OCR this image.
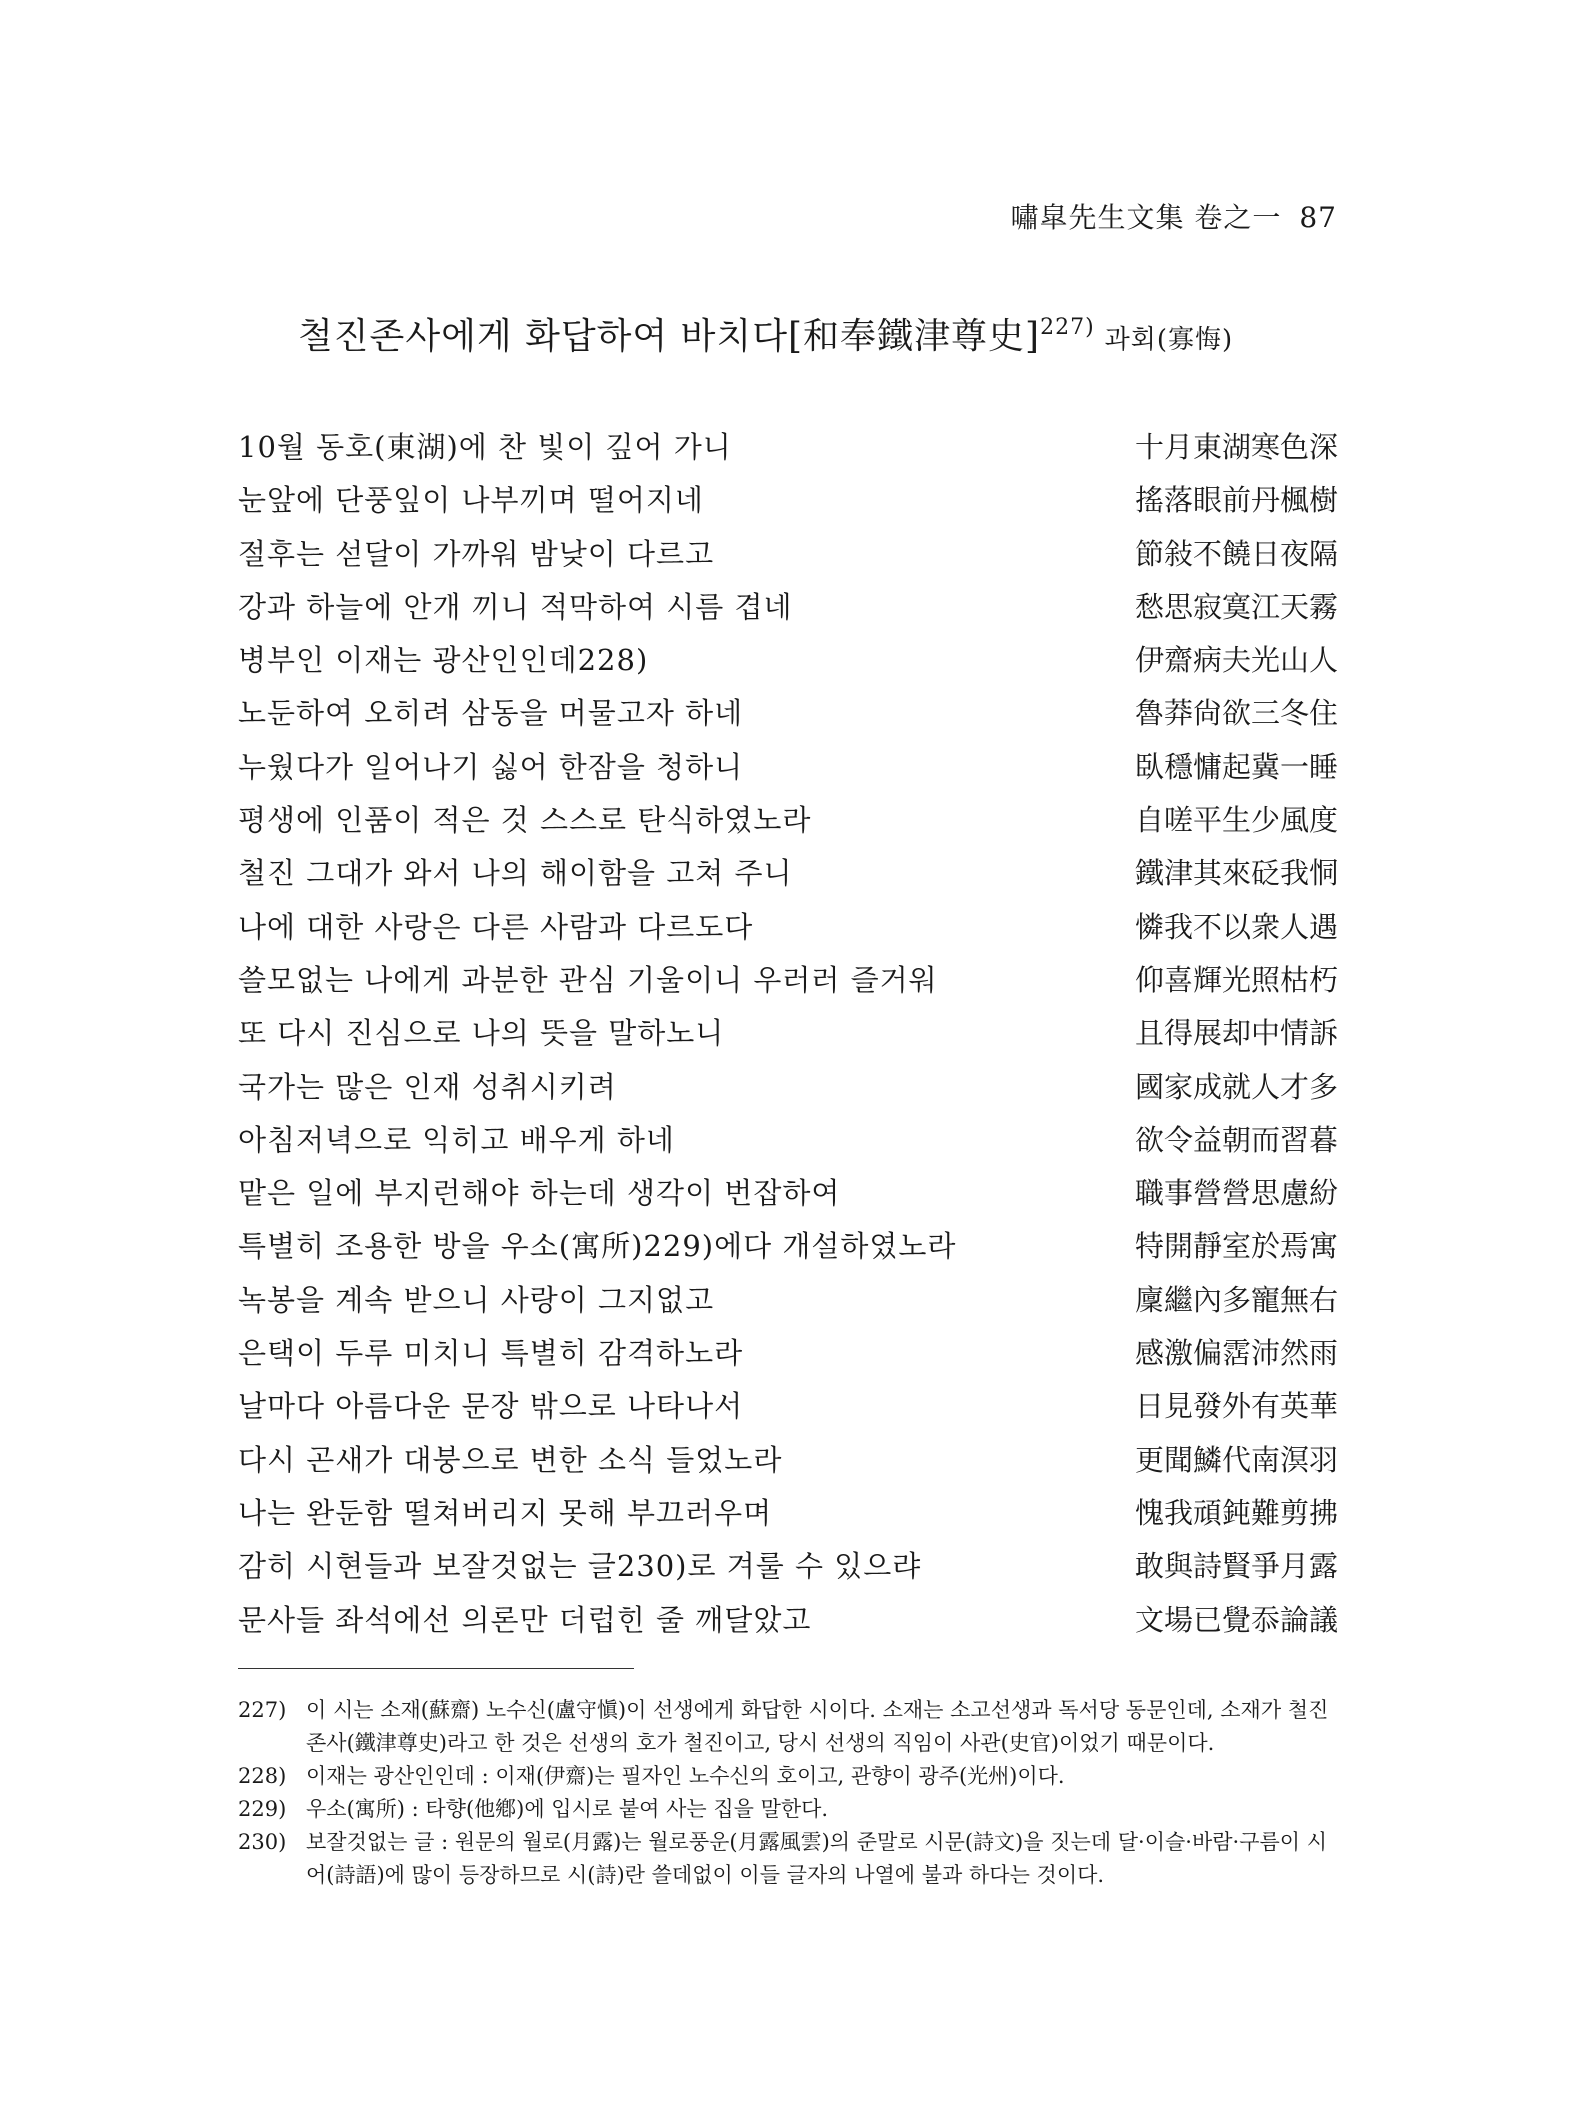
嘯皐先生文集 卷之一 87
철진존사에게 화답하여 바치다[和奉鐵津尊史]$^{227)}$ 과회(寡悔)
10월 동호(東湖)에 찬 빛이 깊어 가니	十月東湖寒色深
눈앞에 단풍잎이 나부끼며 떨어지네	搖落眼前丹楓樹
절후는 섣달이 가까워 밤낮이 다르고	節敍不饒日夜隔
강과 하늘에 안개 끼니 적막하여 시름 겹네	愁思寂寞江天霧
병부인 이재는 광산인인데228)	伊齋病夫光山人
노둔하여 오히려 삼동을 머물고자 하네	魯莽尙欲三冬住
누웠다가 일어나기 싫어 한잠을 청하니	臥穩慵起冀一睡
평생에 인품이 적은 것 스스로 탄식하였노라	自嗟平生少風度
철진 그대가 와서 나의 해이함을 고쳐 주니	鐵津其來砭我恫
나에 대한 사랑은 다른 사람과 다르도다	憐我不以衆人遇
쓸모없는 나에게 과분한 관심 기울이니 우러러 즐거워	仰喜輝光照枯朽
또 다시 진심으로 나의 뜻을 말하노니	且得展却中情訴
국가는 많은 인재 성취시키려	國家成就人才多
아침저녁으로 익히고 배우게 하네	欲令益朝而習暮
맡은 일에 부지런해야 하는데 생각이 번잡하여	職事營營思慮紛
특별히 조용한 방을 우소(寓所)229)에다 개설하였노라	特開靜室於焉寓
녹봉을 계속 받으니 사랑이 그지없고	廩繼內多寵無右
은택이 두루 미치니 특별히 감격하노라	感激偏霑沛然雨
날마다 아름다운 문장 밖으로 나타나서	日見發外有英華
다시 곤새가 대붕으로 변한 소식 들었노라	更聞鱗代南溟羽
나는 완둔함 떨쳐버리지 못해 부끄러우며	愧我頑鈍難剪拂
감히 시현들과 보잘것없는 글230)로 겨룰 수 있으랴	敢與詩賢爭月露
문사들 좌석에선 의론만 더럽힌 줄 깨달았고	文場已覺忝論議
227) 이 시는 소재(蘇齋) 노수신(盧守愼)이 선생에게 화답한 시이다. 소재는 소고선생과 독서당 동문인데, 소재가 철진존사(鐵津尊史)라고 한 것은 선생의 호가 철진이고, 당시 선생의 직임이 사관(史官)이었기 때문이다.
228) 이재는 광산인인데 : 이재(伊齋)는 필자인 노수신의 호이고, 관향이 광주(光州)이다.
229) 우소(寓所) : 타향(他鄕)에 입시로 붙여 사는 집을 말한다.
230) 보잘것없는 글 : 원문의 월로(月露)는 월로풍운(月露風雲)의 준말로 시문(詩文)을 짓는데 달·이슬·바람·구름이 시어(詩語)에 많이 등장하므로 시(詩)란 쓸데없이 이들 글자의 나열에 불과 하다는 것이다.
